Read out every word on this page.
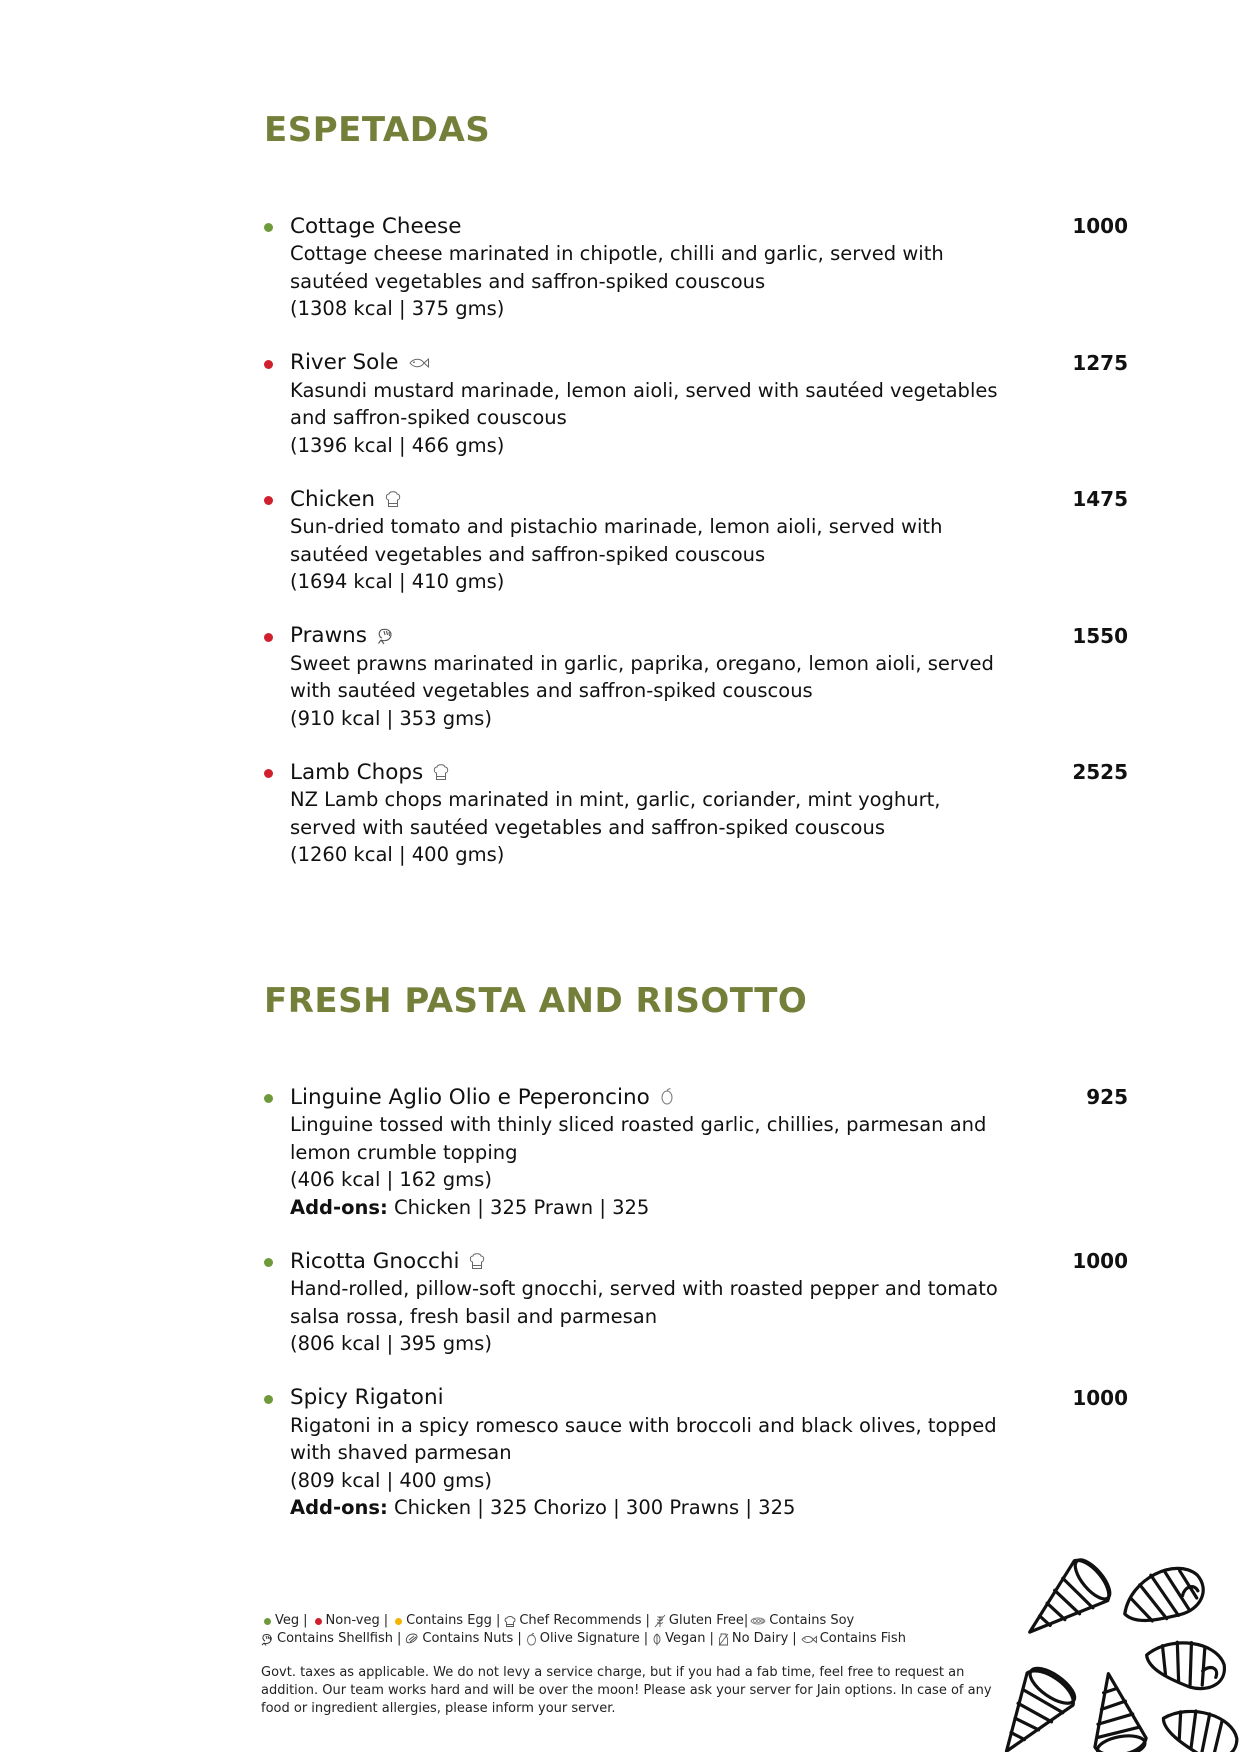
ESPETADAS
Cottage Cheese	1000
Cottage cheese marinated in chipotle, chilli and garlic, served with sautéed vegetables and saffron-spiked couscous
(1308 kcal | 375 gms)
River Sole	1275
Kasundi mustard marinade, lemon aioli, served with sautéed vegetables and saffron-spiked couscous
(1396 kcal | 466 gms)
Chicken	1475
Sun-dried tomato and pistachio marinade, lemon aioli, served with sautéed vegetables and saffron-spiked couscous
(1694 kcal | 410 gms)
Prawns	1550
Sweet prawns marinated in garlic, paprika, oregano, lemon aioli, served with sautéed vegetables and saffron-spiked couscous
(910 kcal | 353 gms)
Lamb Chops	2525
NZ Lamb chops marinated in mint, garlic, coriander, mint yoghurt, served with sautéed vegetables and saffron-spiked couscous
(1260 kcal | 400 gms)
FRESH PASTA AND RISOTTO
Linguine Aglio Olio e Peperoncino	925
Linguine tossed with thinly sliced roasted garlic, chillies, parmesan and lemon crumble topping
(406 kcal | 162 gms)
Add-ons: Chicken | 325 Prawn | 325
Ricotta Gnocchi	1000
Hand-rolled, pillow-soft gnocchi, served with roasted pepper and tomato salsa rossa, fresh basil and parmesan
(806 kcal | 395 gms)
Spicy Rigatoni	1000
Rigatoni in a spicy romesco sauce with broccoli and black olives, topped with shaved parmesan
(809 kcal | 400 gms)
Add-ons: Chicken | 325 Chorizo | 300 Prawns | 325
Veg | Non-veg | Contains Egg | Chef Recommends | Gluten Free | Contains Soy
Contains Shellfish | Contains Nuts | Olive Signature | Vegan | No Dairy | Contains Fish
Govt. taxes as applicable. We do not levy a service charge, but if you had a fab time, feel free to request an addition. Our team works hard and will be over the moon! Please ask your server for Jain options. In case of any food or ingredient allergies, please inform your server.
